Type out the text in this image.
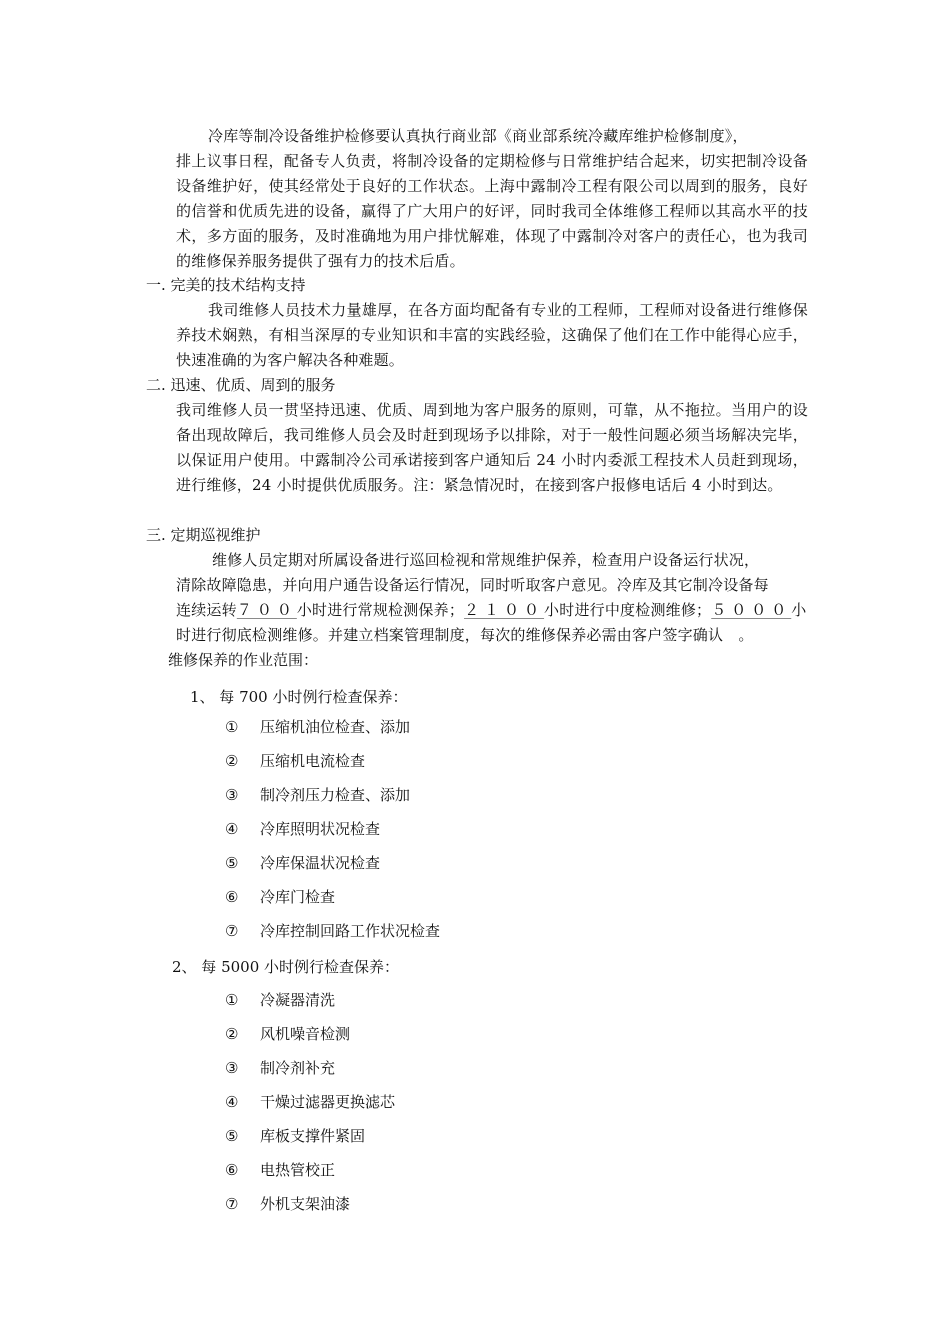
冷库等制冷设备维护检修要认真执行商业部《商业部系统冷藏库维护检修制度》，

排上议事日程，配备专人负责，将制冷设备的定期检修与日常维护结合起来，切实把制冷设备设备维护好，使其经常处于良好的工作状态。上海中露制冷工程有限公司以周到的服务，良好的信誉和优质先进的设备，赢得了广大用户的好评，同时我司全体维修工程师以其高水平的技术，多方面的服务，及时准确地为用户排忧解难，体现了中露制冷对客户的责任心，也为我司的维修保养服务提供了强有力的技术后盾。

一. 完美的技术结构支持
我司维修人员技术力量雄厚，在各方面均配备有专业的工程师，工程师对设备进行维修保养技术娴熟，有相当深厚的专业知识和丰富的实践经验，这确保了他们在工作中能得心应手，快速准确的为客户解决各种难题。
二. 迅速、优质、周到的服务
我司维修人员一贯坚持迅速、优质、周到地为客户服务的原则，可靠，从不拖拉。当用户的设备出现故障后，我司维修人员会及时赶到现场予以排除，对于一般性问题必须当场解决完毕，以保证用户使用。中露制冷公司承诺接到客户通知后 24 小时内委派工程技术人员赶到现场，进行维修，24 小时提供优质服务。注：紧急情况时，在接到客户报修电话后 4 小时到达。
三. 定期巡视维护

维修人员定期对所属设备进行巡回检视和常规维护保养，检查用户设备运行状况，

清除故障隐患，并向用户通告设备运行情况，同时听取客户意见。冷库及其它制冷设备每

连续运转７００小时进行常规检测保养；２１００小时进行中度检测维修；５０００小

时进行彻底检测维修。并建立档案管理制度，每次的维修保养必需由客户签字确认　。

维修保养的作业范围：
1、 每 700 小时例行检查保养：
① 压缩机油位检查、添加
② 压缩机电流检查
③ 制冷剂压力检查、添加
④ 冷库照明状况检查
⑤ 冷库保温状况检查
⑥ 冷库门检查
⑦ 冷库控制回路工作状况检查
2、 每 5000 小时例行检查保养：
① 冷凝器清洗
② 风机噪音检测
③ 制冷剂补充
④ 干燥过滤器更换滤芯
⑤ 库板支撑件紧固
⑥ 电热管校正
⑦ 外机支架油漆
